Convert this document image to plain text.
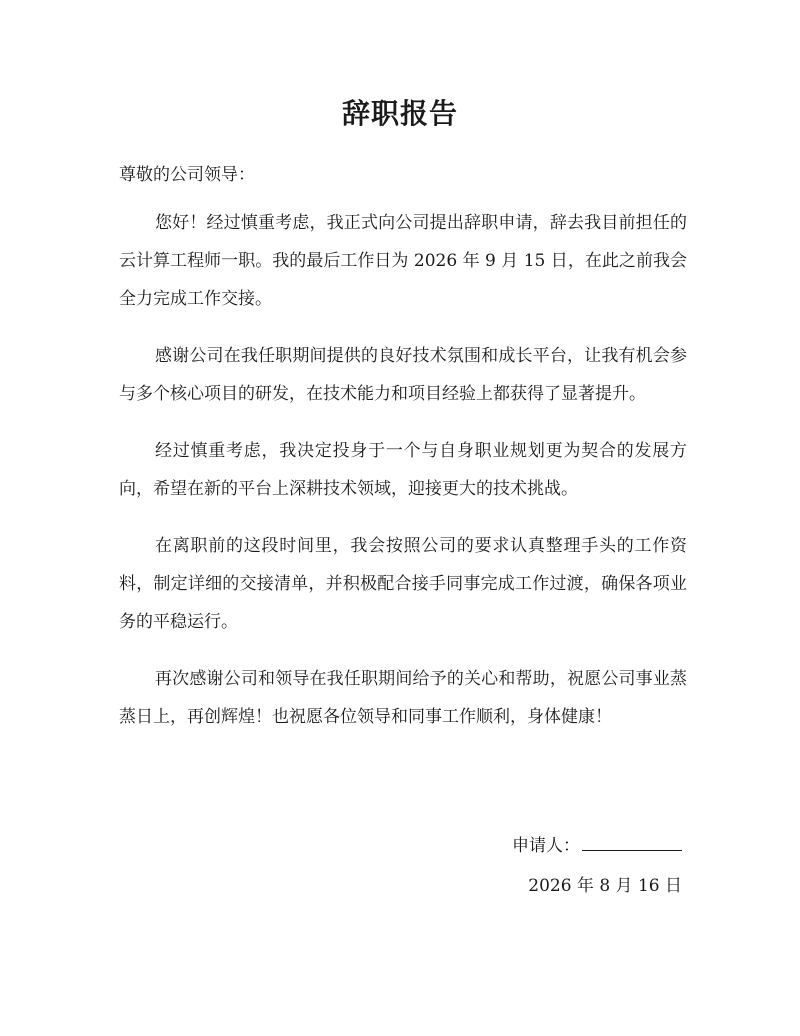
辞职报告

尊敬的公司领导：

您好！经过慎重考虑，我正式向公司提出辞职申请，辞去我目前担任的云计算工程师一职。我的最后工作日为 2026 年 9 月 15 日，在此之前我会全力完成工作交接。

感谢公司在我任职期间提供的良好技术氛围和成长平台，让我有机会参与多个核心项目的研发，在技术能力和项目经验上都获得了显著提升。

经过慎重考虑，我决定投身于一个与自身职业规划更为契合的发展方向，希望在新的平台上深耕技术领域，迎接更大的技术挑战。

在离职前的这段时间里，我会按照公司的要求认真整理手头的工作资料，制定详细的交接清单，并积极配合接手同事完成工作过渡，确保各项业务的平稳运行。

再次感谢公司和领导在我任职期间给予的关心和帮助，祝愿公司事业蒸蒸日上，再创辉煌！也祝愿各位领导和同事工作顺利，身体健康！

申请人：

2026 年 8 月 16 日
